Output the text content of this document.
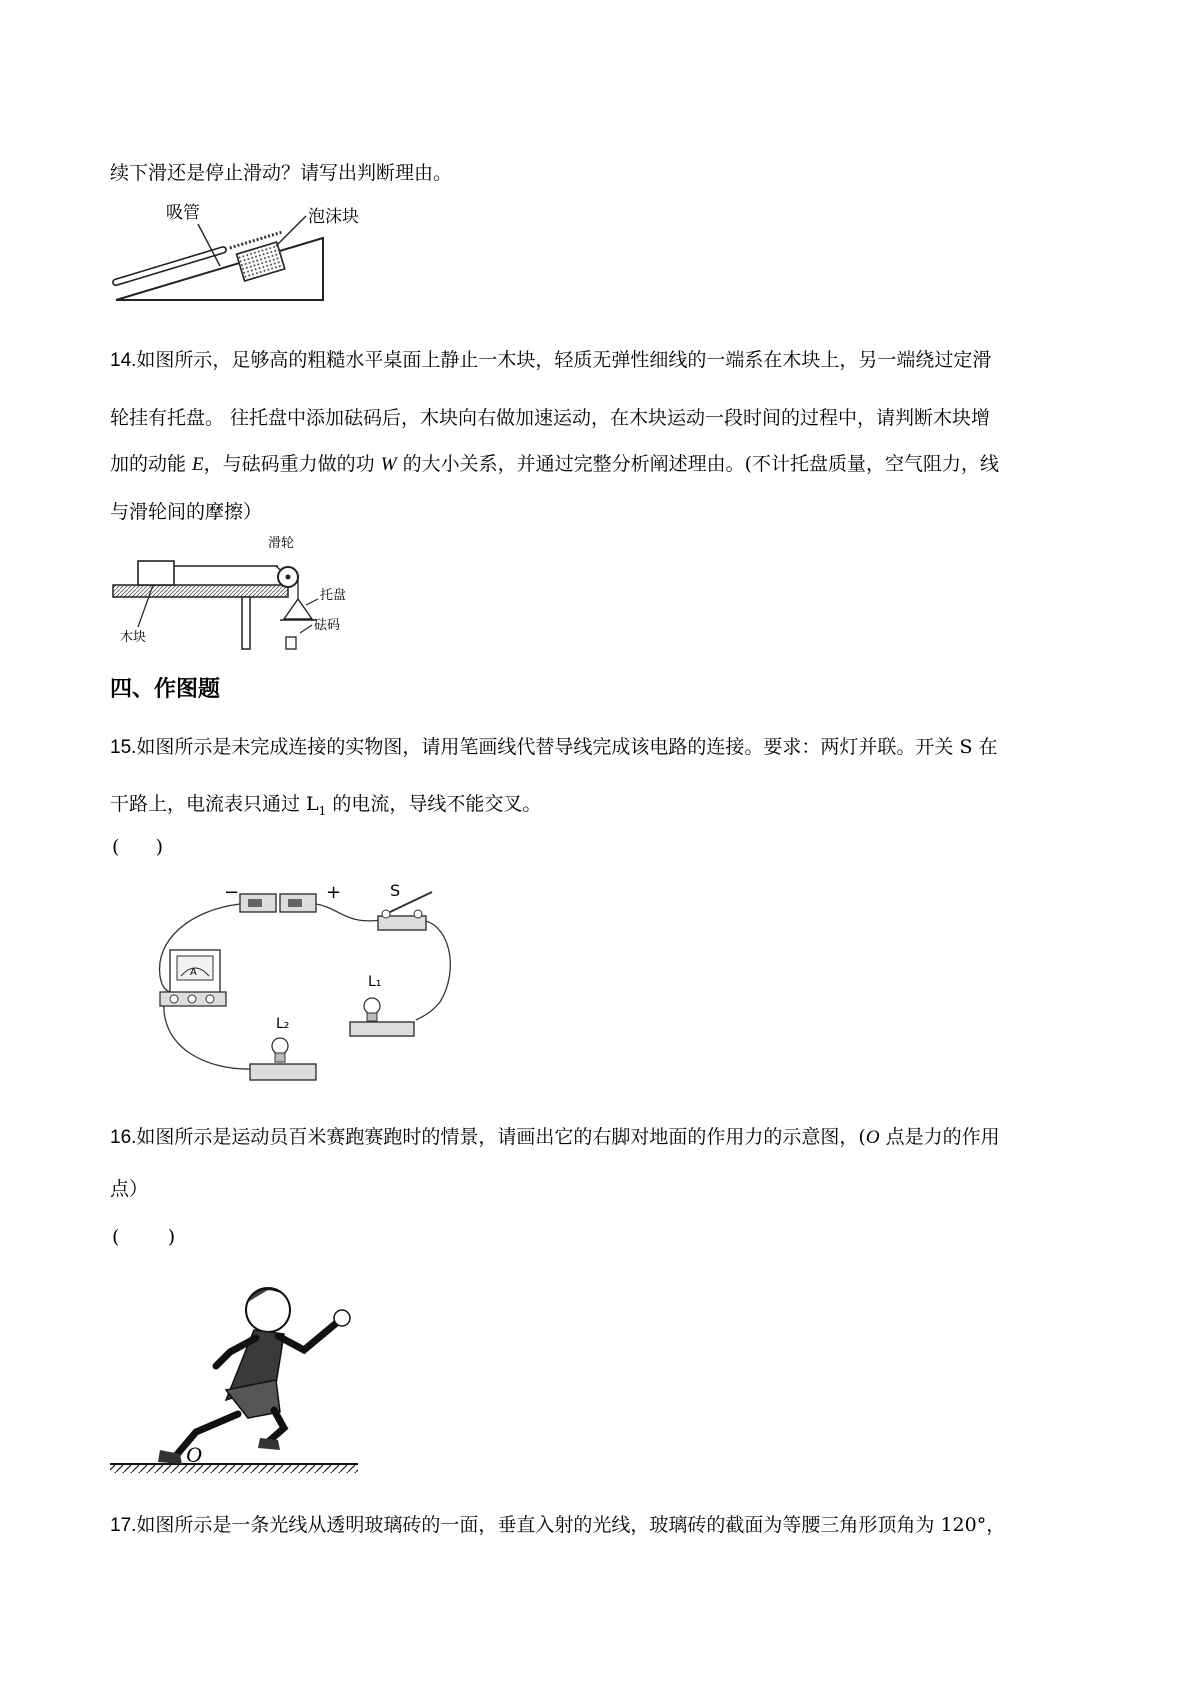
续下滑还是停止滑动？请写出判断理由。
吸管	泡沫块
14.如图所示，足够高的粗糙水平桌面上静止一木块，轻质无弹性细线的一端系在木块上，另一端绕过定滑
轮挂有托盘。 往托盘中添加砝码后，木块向右做加速运动，在木块运动一段时间的过程中，请判断木块增
加的动能 E，与砝码重力做的功 W 的大小关系，并通过完整分析阐述理由。(不计托盘质量，空气阻力，线
与滑轮间的摩擦）
滑轮
托盘
木块
砝码
四、作图题
15.如图所示是未完成连接的实物图，请用笔画线代替导线完成该电路的连接。要求：两灯并联。开关 S 在
干路上，电流表只通过 $L_1$ 的电流，导线不能交叉。
(      )
−	+	S
A
L₁
L₂
16.如图所示是运动员百米赛跑赛跑时的情景，请画出它的右脚对地面的作用力的示意图，(O 点是力的作用
点）
(        )
O
17.如图所示是一条光线从透明玻璃砖的一面，垂直入射的光线，玻璃砖的截面为等腰三角形顶角为 120°，
